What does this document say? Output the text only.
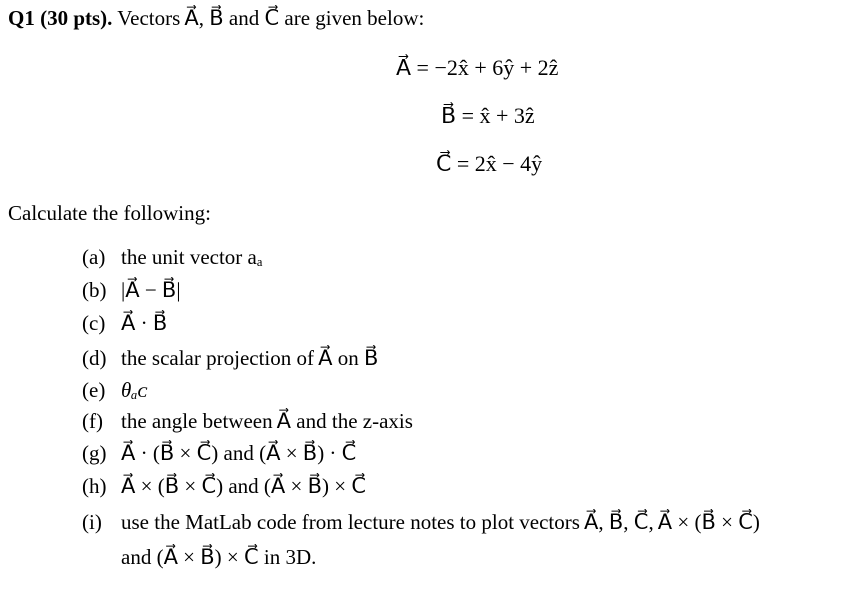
Q1 (30 pts). Vectors A⃗, B⃗ and C⃗ are given below:
A⃗ = −2x̂ + 6ŷ + 2ẑ
B⃗ = x̂ + 3ẑ
C⃗ = 2x̂ − 4ŷ
Calculate the following:
(a) the unit vector aₐ
(b) |A⃗ − B⃗|
(c) A⃗ · B⃗
(d) the scalar projection of A⃗ on B⃗
(e) θₐᴄ
(f) the angle between A⃗ and the z-axis
(g) A⃗ · (B⃗ × C⃗) and (A⃗ × B⃗) · C⃗
(h) A⃗ × (B⃗ × C⃗) and (A⃗ × B⃗) × C⃗
(i) use the MatLab code from lecture notes to plot vectors A⃗, B⃗, C⃗, A⃗ × (B⃗ × C⃗)
and (A⃗ × B⃗) × C⃗ in 3D.
